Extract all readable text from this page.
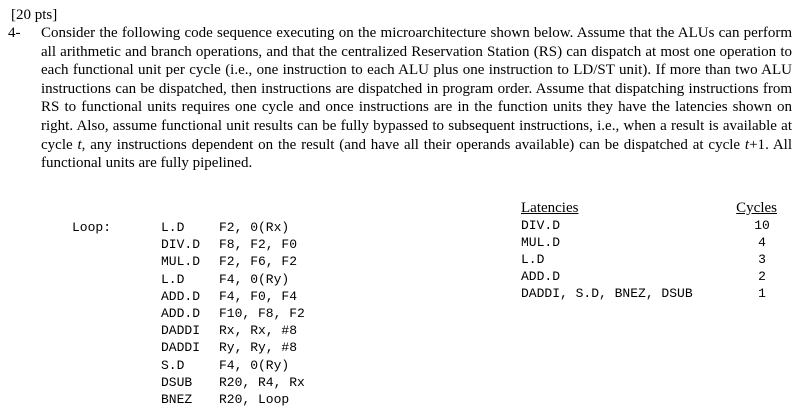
[20 pts]
4- Consider the following code sequence executing on the microarchitecture shown below. Assume that the ALUs can perform all arithmetic and branch operations, and that the centralized Reservation Station (RS) can dispatch at most one operation to each functional unit per cycle (i.e., one instruction to each ALU plus one instruction to LD/ST unit). If more than two ALU instructions can be dispatched, then instructions are dispatched in program order. Assume that dispatching instructions from RS to functional units requires one cycle and once instructions are in the function units they have the latencies shown on right. Also, assume functional unit results can be fully bypassed to subsequent instructions, i.e., when a result is available at cycle t, any instructions dependent on the result (and have all their operands available) can be dispatched at cycle t+1. All functional units are fully pipelined.

Loop:	L.D	F2, 0(Rx)
DIV.D	F8, F2, F0
MUL.D	F2, F6, F2
L.D	F4, 0(Ry)
ADD.D	F4, F0, F4
ADD.D	F10, F8, F2
DADDI	Rx, Rx, #8
DADDI	Ry, Ry, #8
S.D	F4, 0(Ry)
DSUB	R20, R4, Rx
BNEZ	R20, Loop
Latencies	Cycles
DIV.D	10
MUL.D	4
L.D	3
ADD.D	2
DADDI, S.D, BNEZ, DSUB	1
